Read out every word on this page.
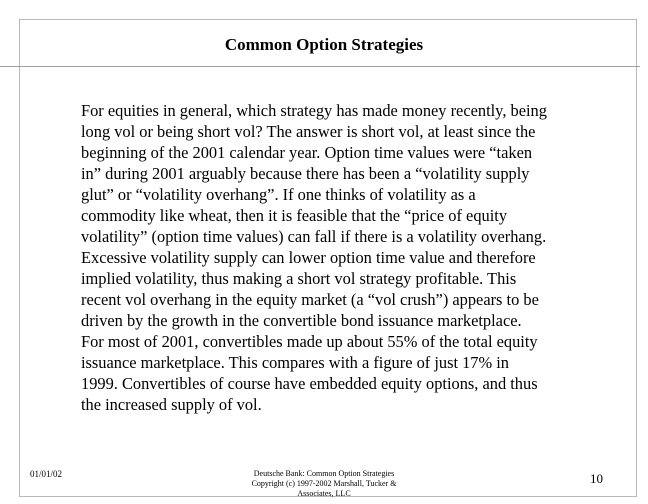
Common Option Strategies
For equities in general, which strategy has made money recently, being
long vol or being short vol? The answer is short vol, at least since the
beginning of the 2001 calendar year. Option time values were “taken
in” during 2001 arguably because there has been a “volatility supply
glut” or “volatility overhang”. If one thinks of volatility as a
commodity like wheat, then it is feasible that the “price of equity
volatility” (option time values) can fall if there is a volatility overhang.
Excessive volatility supply can lower option time value and therefore
implied volatility, thus making a short vol strategy profitable. This
recent vol overhang in the equity market (a “vol crush”) appears to be
driven by the growth in the convertible bond issuance marketplace.
For most of 2001, convertibles made up about 55% of the total equity
issuance marketplace. This compares with a figure of just 17% in
1999. Convertibles of course have embedded equity options, and thus
the increased supply of vol.
01/01/02	Deutsche Bank: Common Option Strategies
Copyright (c) 1997-2002 Marshall, Tucker &
Associates, LLC
10
